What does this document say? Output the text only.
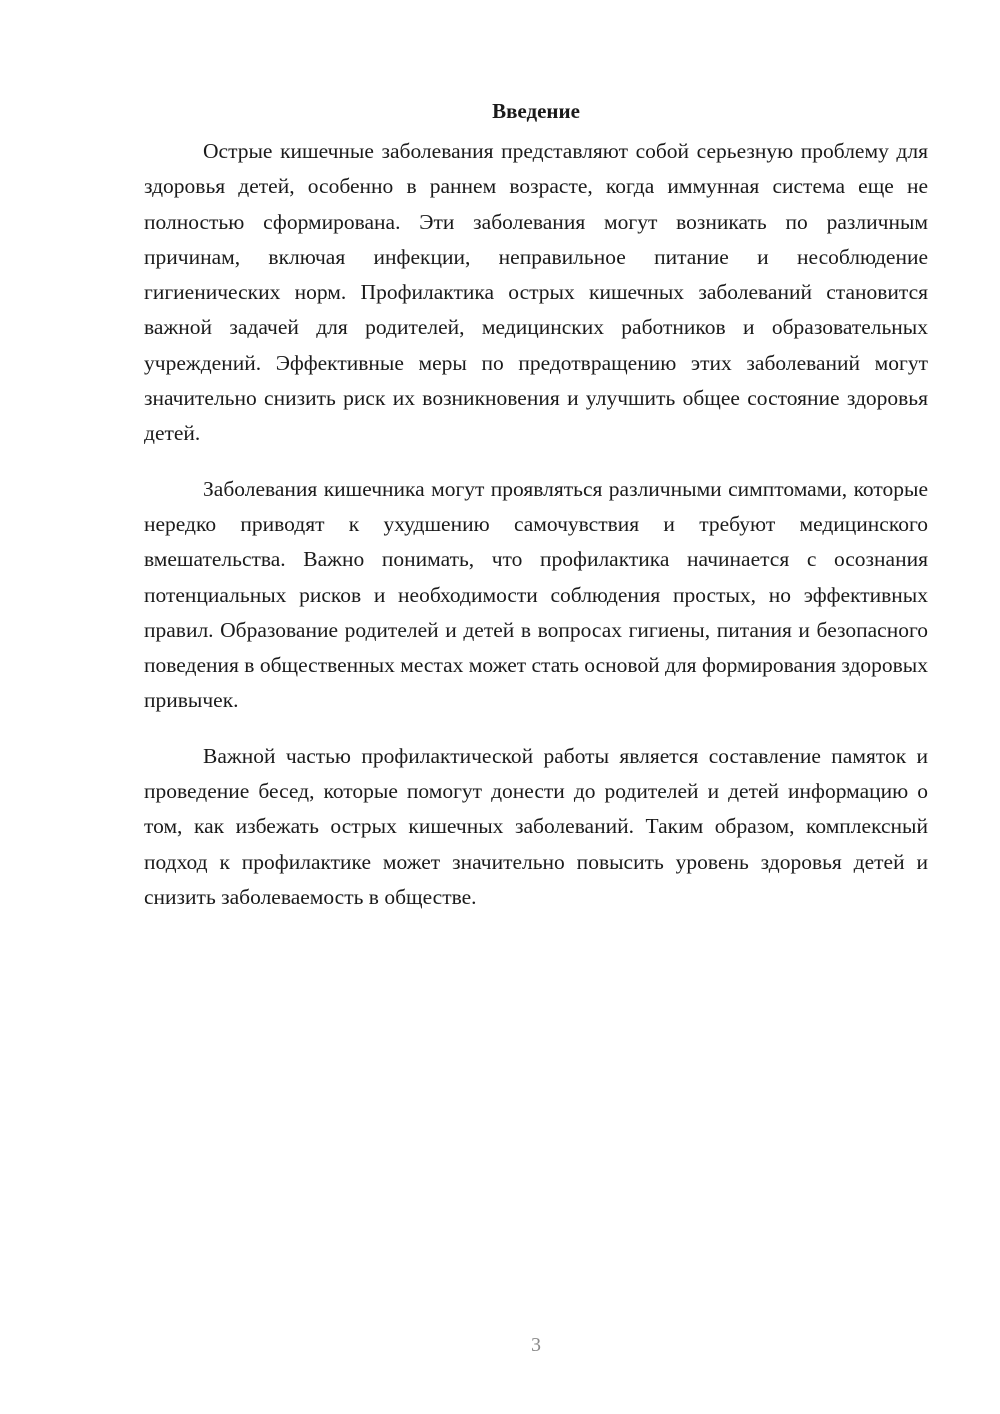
Введение

Острые кишечные заболевания представляют собой серьезную проблему для здоровья детей, особенно в раннем возрасте, когда иммунная система еще не полностью сформирована. Эти заболевания могут возникать по различным причинам, включая инфекции, неправильное питание и несоблюдение гигиенических норм. Профилактика острых кишечных заболеваний становится важной задачей для родителей, медицинских работников и образовательных учреждений. Эффективные меры по предотвращению этих заболеваний могут значительно снизить риск их возникновения и улучшить общее состояние здоровья детей.

Заболевания кишечника могут проявляться различными симптомами, которые нередко приводят к ухудшению самочувствия и требуют медицинского вмешательства. Важно понимать, что профилактика начинается с осознания потенциальных рисков и необходимости соблюдения простых, но эффективных правил. Образование родителей и детей в вопросах гигиены, питания и безопасного поведения в общественных местах может стать основой для формирования здоровых привычек.

Важной частью профилактической работы является составление памяток и проведение бесед, которые помогут донести до родителей и детей информацию о том, как избежать острых кишечных заболеваний. Таким образом, комплексный подход к профилактике может значительно повысить уровень здоровья детей и снизить заболеваемость в обществе.

3
